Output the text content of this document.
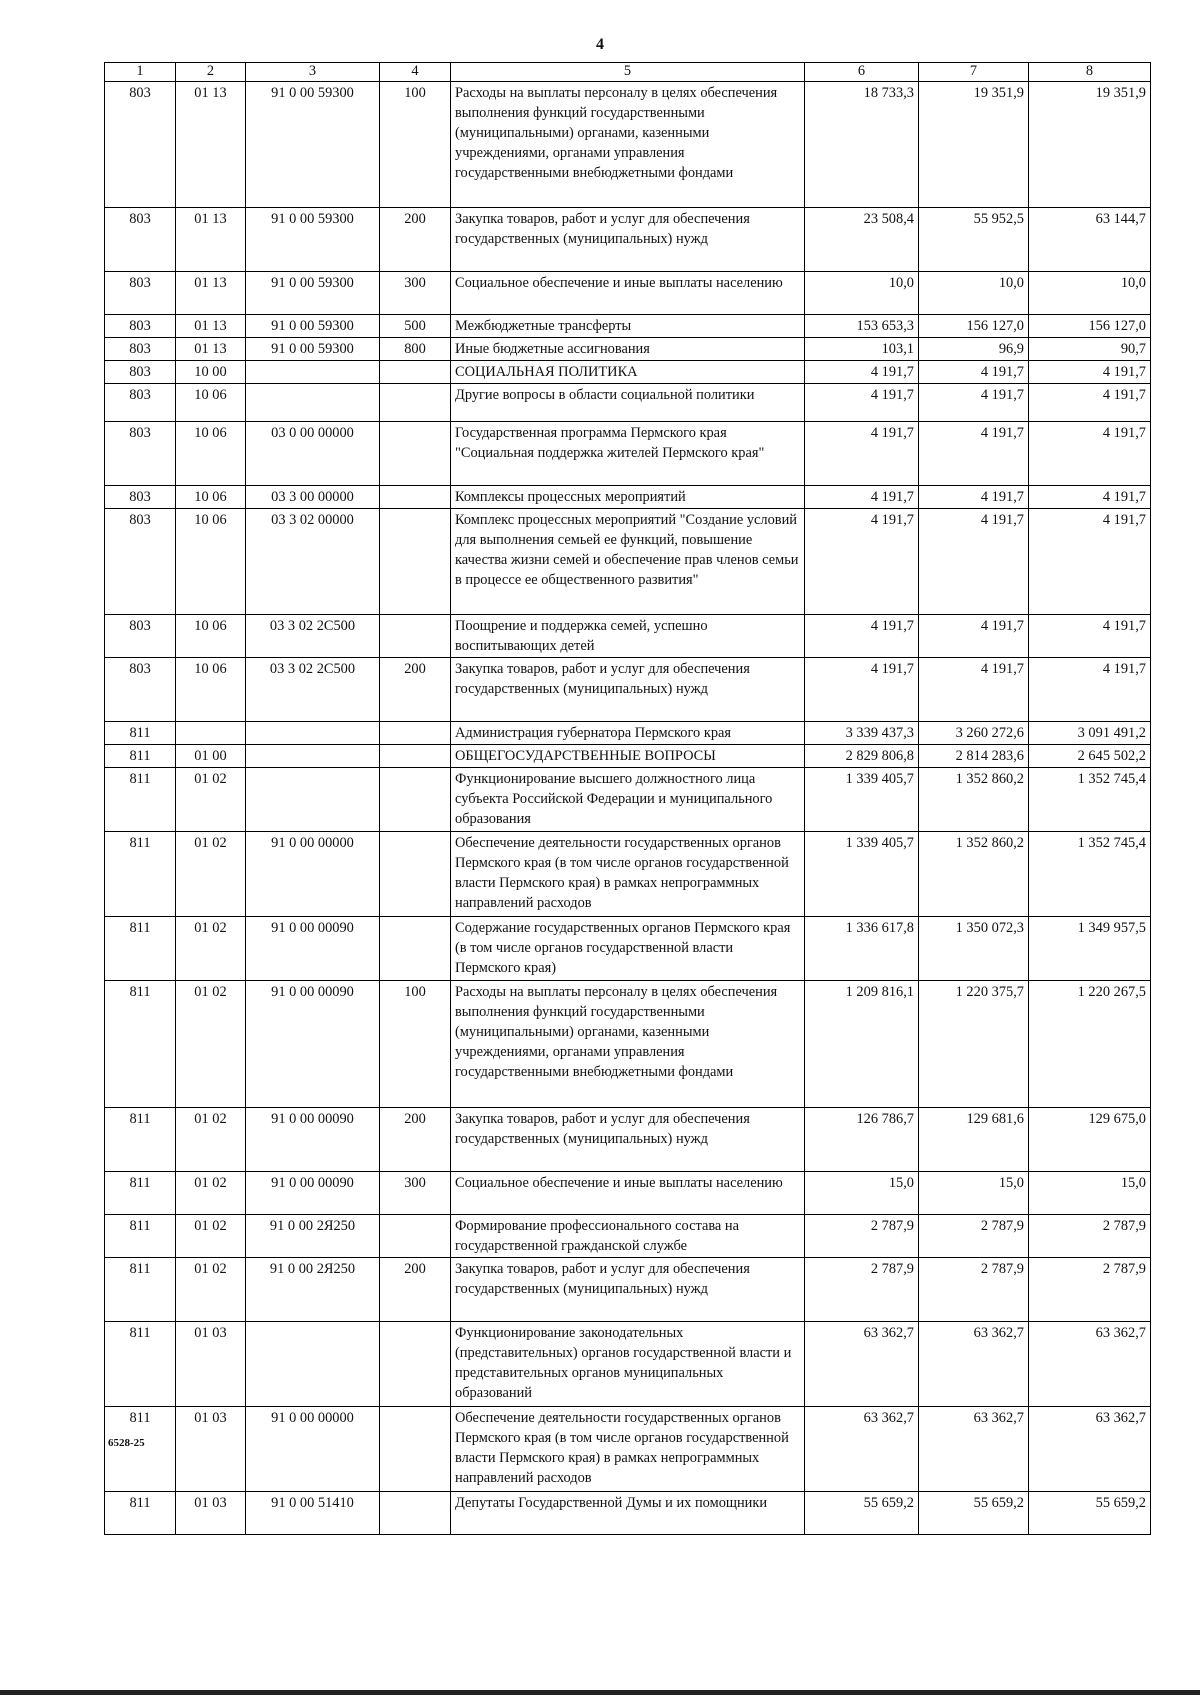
4
1	2	3	4	5	6	7	8
803	01 13	91 0 00 59300	100	Расходы на выплаты персоналу в целях обеспечения выполнения функций государственными (муниципальными) органами, казенными учреждениями, органами управления государственными внебюджетными фондами	18 733,3	19 351,9	19 351,9
803	01 13	91 0 00 59300	200	Закупка товаров, работ и услуг для обеспечения государственных (муниципальных) нужд	23 508,4	55 952,5	63 144,7
803	01 13	91 0 00 59300	300	Социальное обеспечение и иные выплаты населению	10,0	10,0	10,0
803	01 13	91 0 00 59300	500	Межбюджетные трансферты	153 653,3	156 127,0	156 127,0
803	01 13	91 0 00 59300	800	Иные бюджетные ассигнования	103,1	96,9	90,7
803	10 00			СОЦИАЛЬНАЯ ПОЛИТИКА	4 191,7	4 191,7	4 191,7
803	10 06			Другие вопросы в области социальной политики	4 191,7	4 191,7	4 191,7
803	10 06	03 0 00 00000		Государственная программа Пермского края "Социальная поддержка жителей Пермского края"	4 191,7	4 191,7	4 191,7
803	10 06	03 3 00 00000		Комплексы процессных мероприятий	4 191,7	4 191,7	4 191,7
803	10 06	03 3 02 00000		Комплекс процессных мероприятий "Создание условий для выполнения семьей ее функций, повышение качества жизни семей и обеспечение прав членов семьи в процессе ее общественного развития"	4 191,7	4 191,7	4 191,7
803	10 06	03 3 02 2С500		Поощрение и поддержка семей, успешно воспитывающих детей	4 191,7	4 191,7	4 191,7
803	10 06	03 3 02 2С500	200	Закупка товаров, работ и услуг для обеспечения государственных (муниципальных) нужд	4 191,7	4 191,7	4 191,7
811				Администрация губернатора Пермского края	3 339 437,3	3 260 272,6	3 091 491,2
811	01 00			ОБЩЕГОСУДАРСТВЕННЫЕ ВОПРОСЫ	2 829 806,8	2 814 283,6	2 645 502,2
811	01 02			Функционирование высшего должностного лица субъекта Российской Федерации и муниципального образования	1 339 405,7	1 352 860,2	1 352 745,4
811	01 02	91 0 00 00000		Обеспечение деятельности государственных органов Пермского края (в том числе органов государственной власти Пермского края) в рамках непрограммных направлений расходов	1 339 405,7	1 352 860,2	1 352 745,4
811	01 02	91 0 00 00090		Содержание государственных органов Пермского края (в том числе органов государственной власти Пермского края)	1 336 617,8	1 350 072,3	1 349 957,5
811	01 02	91 0 00 00090	100	Расходы на выплаты персоналу в целях обеспечения выполнения функций государственными (муниципальными) органами, казенными учреждениями, органами управления государственными внебюджетными фондами	1 209 816,1	1 220 375,7	1 220 267,5
811	01 02	91 0 00 00090	200	Закупка товаров, работ и услуг для обеспечения государственных (муниципальных) нужд	126 786,7	129 681,6	129 675,0
811	01 02	91 0 00 00090	300	Социальное обеспечение и иные выплаты населению	15,0	15,0	15,0
811	01 02	91 0 00 2Я250		Формирование профессионального состава на государственной гражданской службе	2 787,9	2 787,9	2 787,9
811	01 02	91 0 00 2Я250	200	Закупка товаров, работ и услуг для обеспечения государственных (муниципальных) нужд	2 787,9	2 787,9	2 787,9
811	01 03			Функционирование законодательных (представительных) органов государственной власти и представительных органов муниципальных образований	63 362,7	63 362,7	63 362,7
811	01 03	91 0 00 00000		Обеспечение деятельности государственных органов Пермского края (в том числе органов государственной власти Пермского края) в рамках непрограммных направлений расходов	63 362,7	63 362,7	63 362,7
811	01 03	91 0 00 51410		Депутаты Государственной Думы и их помощники	55 659,2	55 659,2	55 659,2
6528-25
